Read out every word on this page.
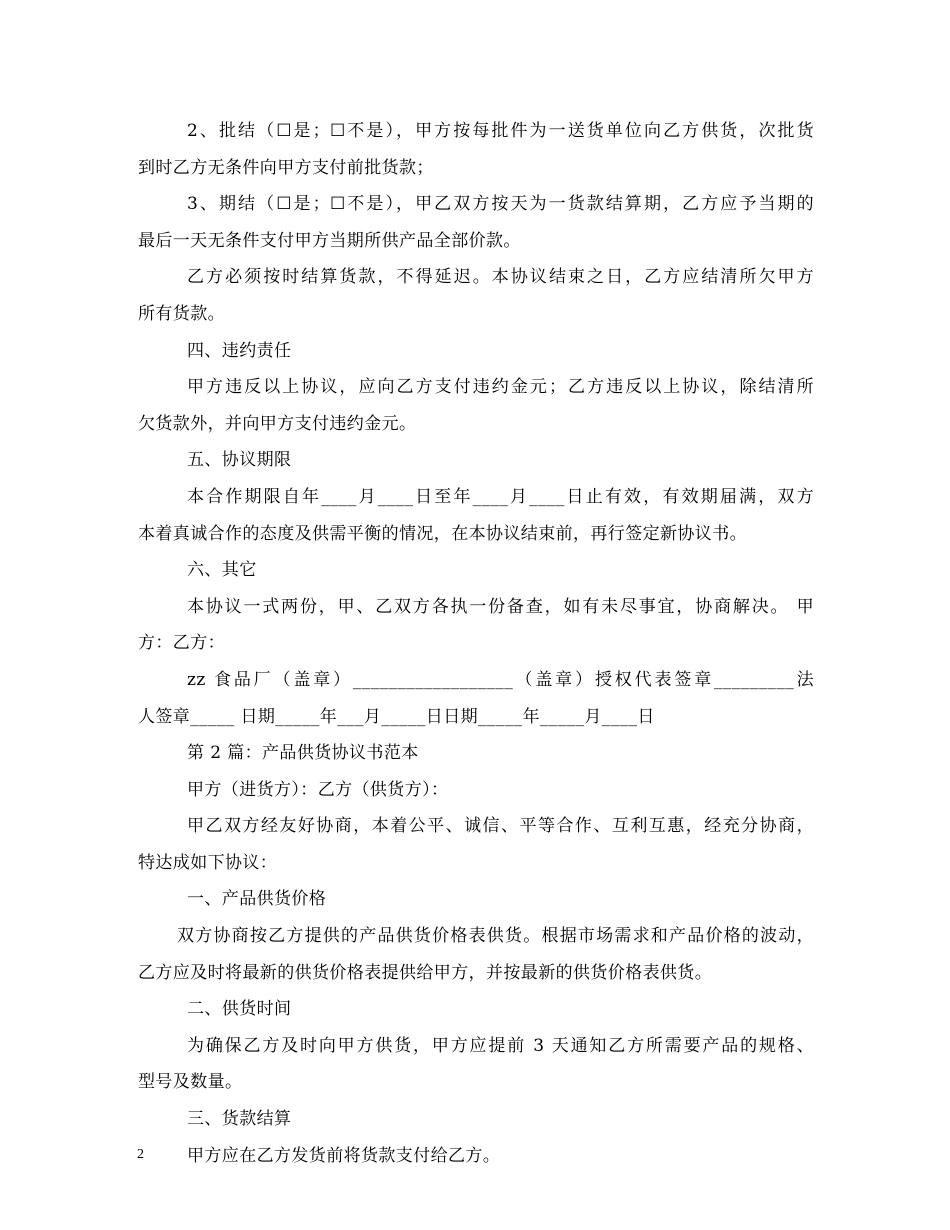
2、批结（☐是；☐不是），甲方按每批件为一送货单位向乙方供货，次批货
到时乙方无条件向甲方支付前批货款；
3、期结（☐是；☐不是），甲乙双方按天为一货款结算期，乙方应予当期的
最后一天无条件支付甲方当期所供产品全部价款。
乙方必须按时结算货款，不得延迟。本协议结束之日，乙方应结清所欠甲方
所有货款。
四、违约责任
甲方违反以上协议，应向乙方支付违约金元；乙方违反以上协议，除结清所
欠货款外，并向甲方支付违约金元。
五、协议期限
本合作期限自年____月____日至年____月____日止有效，有效期届满，双方
本着真诚合作的态度及供需平衡的情况，在本协议结束前，再行签定新协议书。
六、其它
本协议一式两份，甲、乙双方各执一份备查，如有未尽事宜，协商解决。 甲
方：乙方：
zz 食品厂（盖章）__________________（盖章）授权代表签章_________法
人签章_____ 日期_____年___月_____日日期_____年_____月____日
第 2 篇：产品供货协议书范本
甲方（进货方）：乙方（供货方）：
甲乙双方经友好协商，本着公平、诚信、平等合作、互利互惠，经充分协商，
特达成如下协议：
一、产品供货价格
双方协商按乙方提供的产品供货价格表供货。根据市场需求和产品价格的波动，
乙方应及时将最新的供货价格表提供给甲方，并按最新的供货价格表供货。
二、供货时间
为确保乙方及时向甲方供货，甲方应提前 3 天通知乙方所需要产品的规格、
型号及数量。
三、货款结算
甲方应在乙方发货前将货款支付给乙方。
2
